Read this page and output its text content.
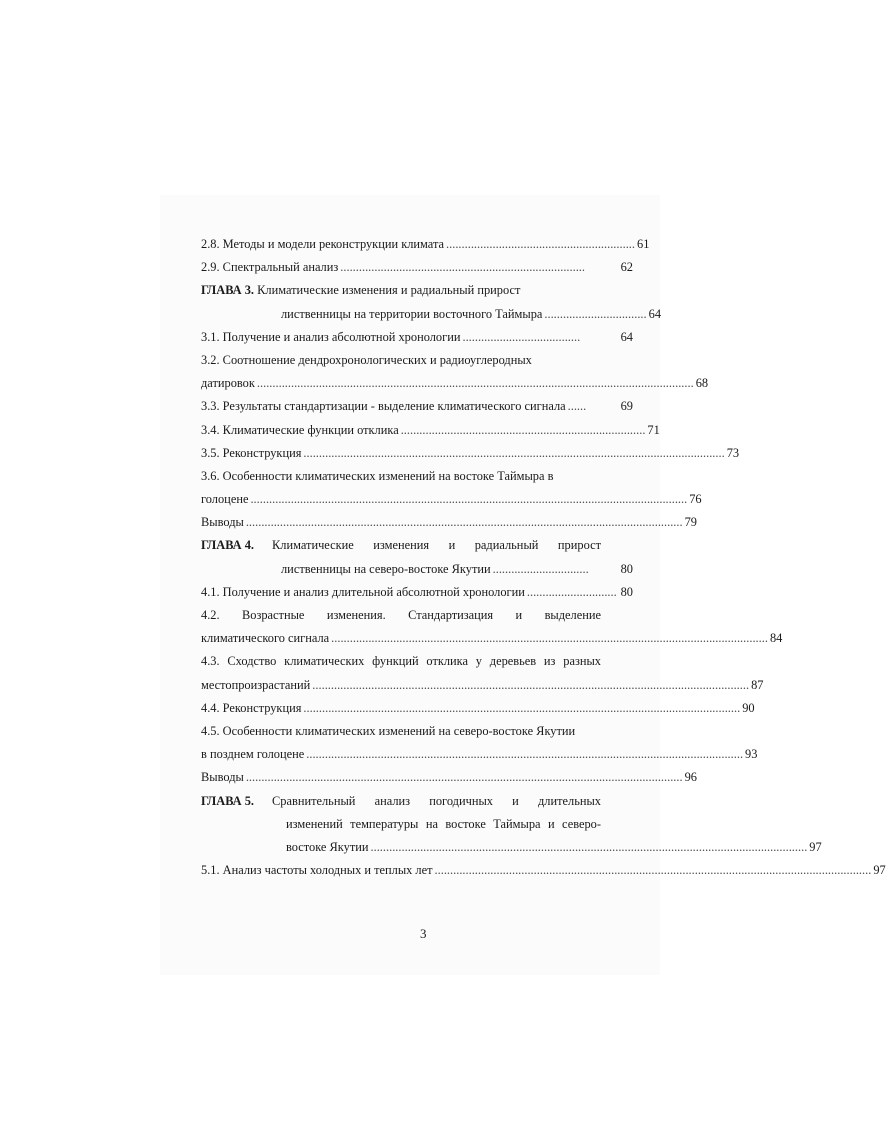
2.8. Методы и модели реконструкции климата ............................................................. 61
2.9. Спектральный анализ ...............................................................................	62
ГЛАВА 3. Климатические изменения и радиальный прирост
лиственницы на территории восточного Таймыра ................................. 64
3.1. Получение и анализ абсолютной хронологии ......................................	64
3.2. Соотношение дендрохронологических и радиоуглеродных
датировок ............................................................................................................................................. 68
3.3. Результаты стандартизации - выделение климатического сигнала ......	69
3.4. Климатические функции отклика ............................................................................... 71
3.5. Реконструкция ........................................................................................................................................ 73
3.6. Особенности климатических изменений на востоке Таймыра в
голоцене ............................................................................................................................................. 76
Выводы ............................................................................................................................................. 79
ГЛАВА 4. Климатические изменения и радиальный прирост
лиственницы на северо-востоке Якутии ...............................	80
4.1. Получение и анализ длительной абсолютной хронологии ............................. 80
4.2. Возрастные изменения. Стандартизация и выделение
климатического сигнала ............................................................................................................................................. 84
4.3. Сходство климатических функций отклика у деревьев из разных
местопроизрастаний ............................................................................................................................................. 87
4.4. Реконструкция ............................................................................................................................................. 90
4.5. Особенности климатических изменений на северо-востоке Якутии
в позднем голоцене ............................................................................................................................................. 93
Выводы ............................................................................................................................................. 96
ГЛАВА 5. Сравнительный анализ погодичных и длительных
изменений температуры на востоке Таймыра и северо-
востоке Якутии ............................................................................................................................................. 97
5.1. Анализ частоты холодных и теплых лет ............................................................................................................................................. 97
3
